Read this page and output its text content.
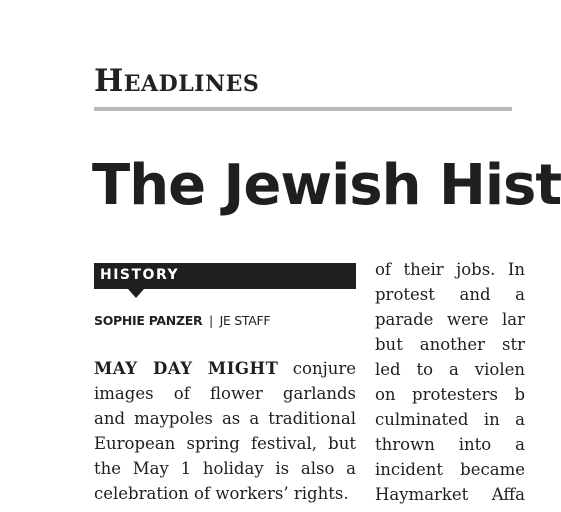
Headlines
The Jewish Hist
HISTORY
SOPHIE PANZER | JE STAFF
MAY DAY MIGHT conjure
images of flower garlands
and maypoles as a traditional
European spring festival, but
the May 1 holiday is also a
celebration of workers’ rights.
of their jobs. In
protest and a
parade were lar
but another str
led to a violen
on protesters b
culminated in a
thrown into a
incident became
Haymarket Affa
